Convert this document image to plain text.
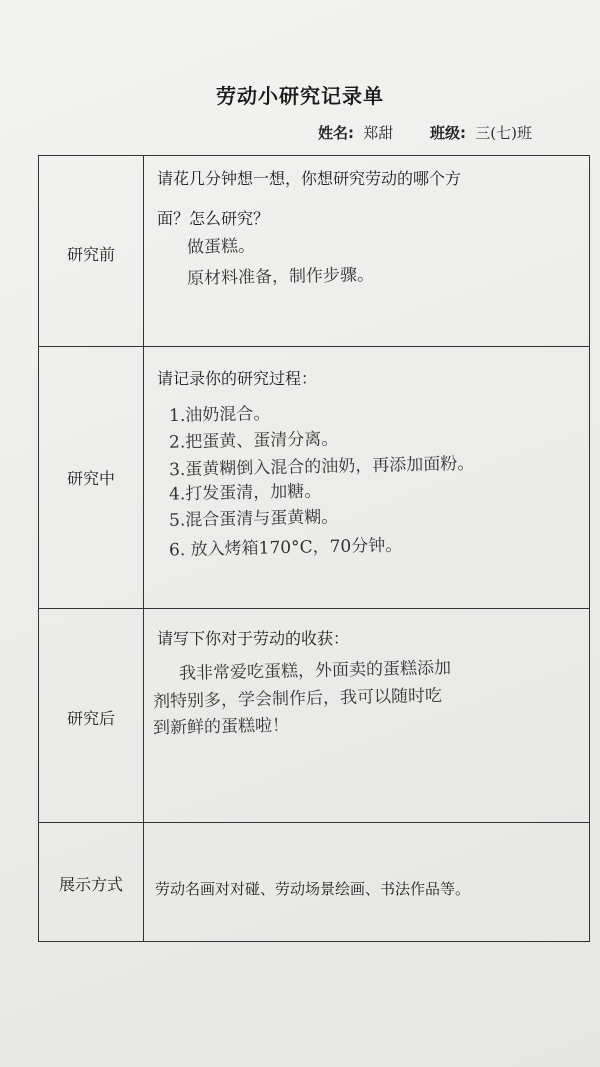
劳动小研究记录单
姓名: 郑甜 班级: 三(七)班
研究前
请花几分钟想一想，你想研究劳动的哪个方
面？怎么研究？
做蛋糕。
原材料准备，制作步骤。
研究中
请记录你的研究过程：
1.油奶混合。
2.把蛋黄、蛋清分离。
3.蛋黄糊倒入混合的油奶，再添加面粉。
4.打发蛋清，加糖。
5.混合蛋清与蛋黄糊。
6. 放入烤箱170°C，70分钟。
研究后
请写下你对于劳动的收获：
我非常爱吃蛋糕，外面卖的蛋糕添加
剂特别多，学会制作后，我可以随时吃
到新鲜的蛋糕啦！
展示方式	劳动名画对对碰、劳动场景绘画、书法作品等。
